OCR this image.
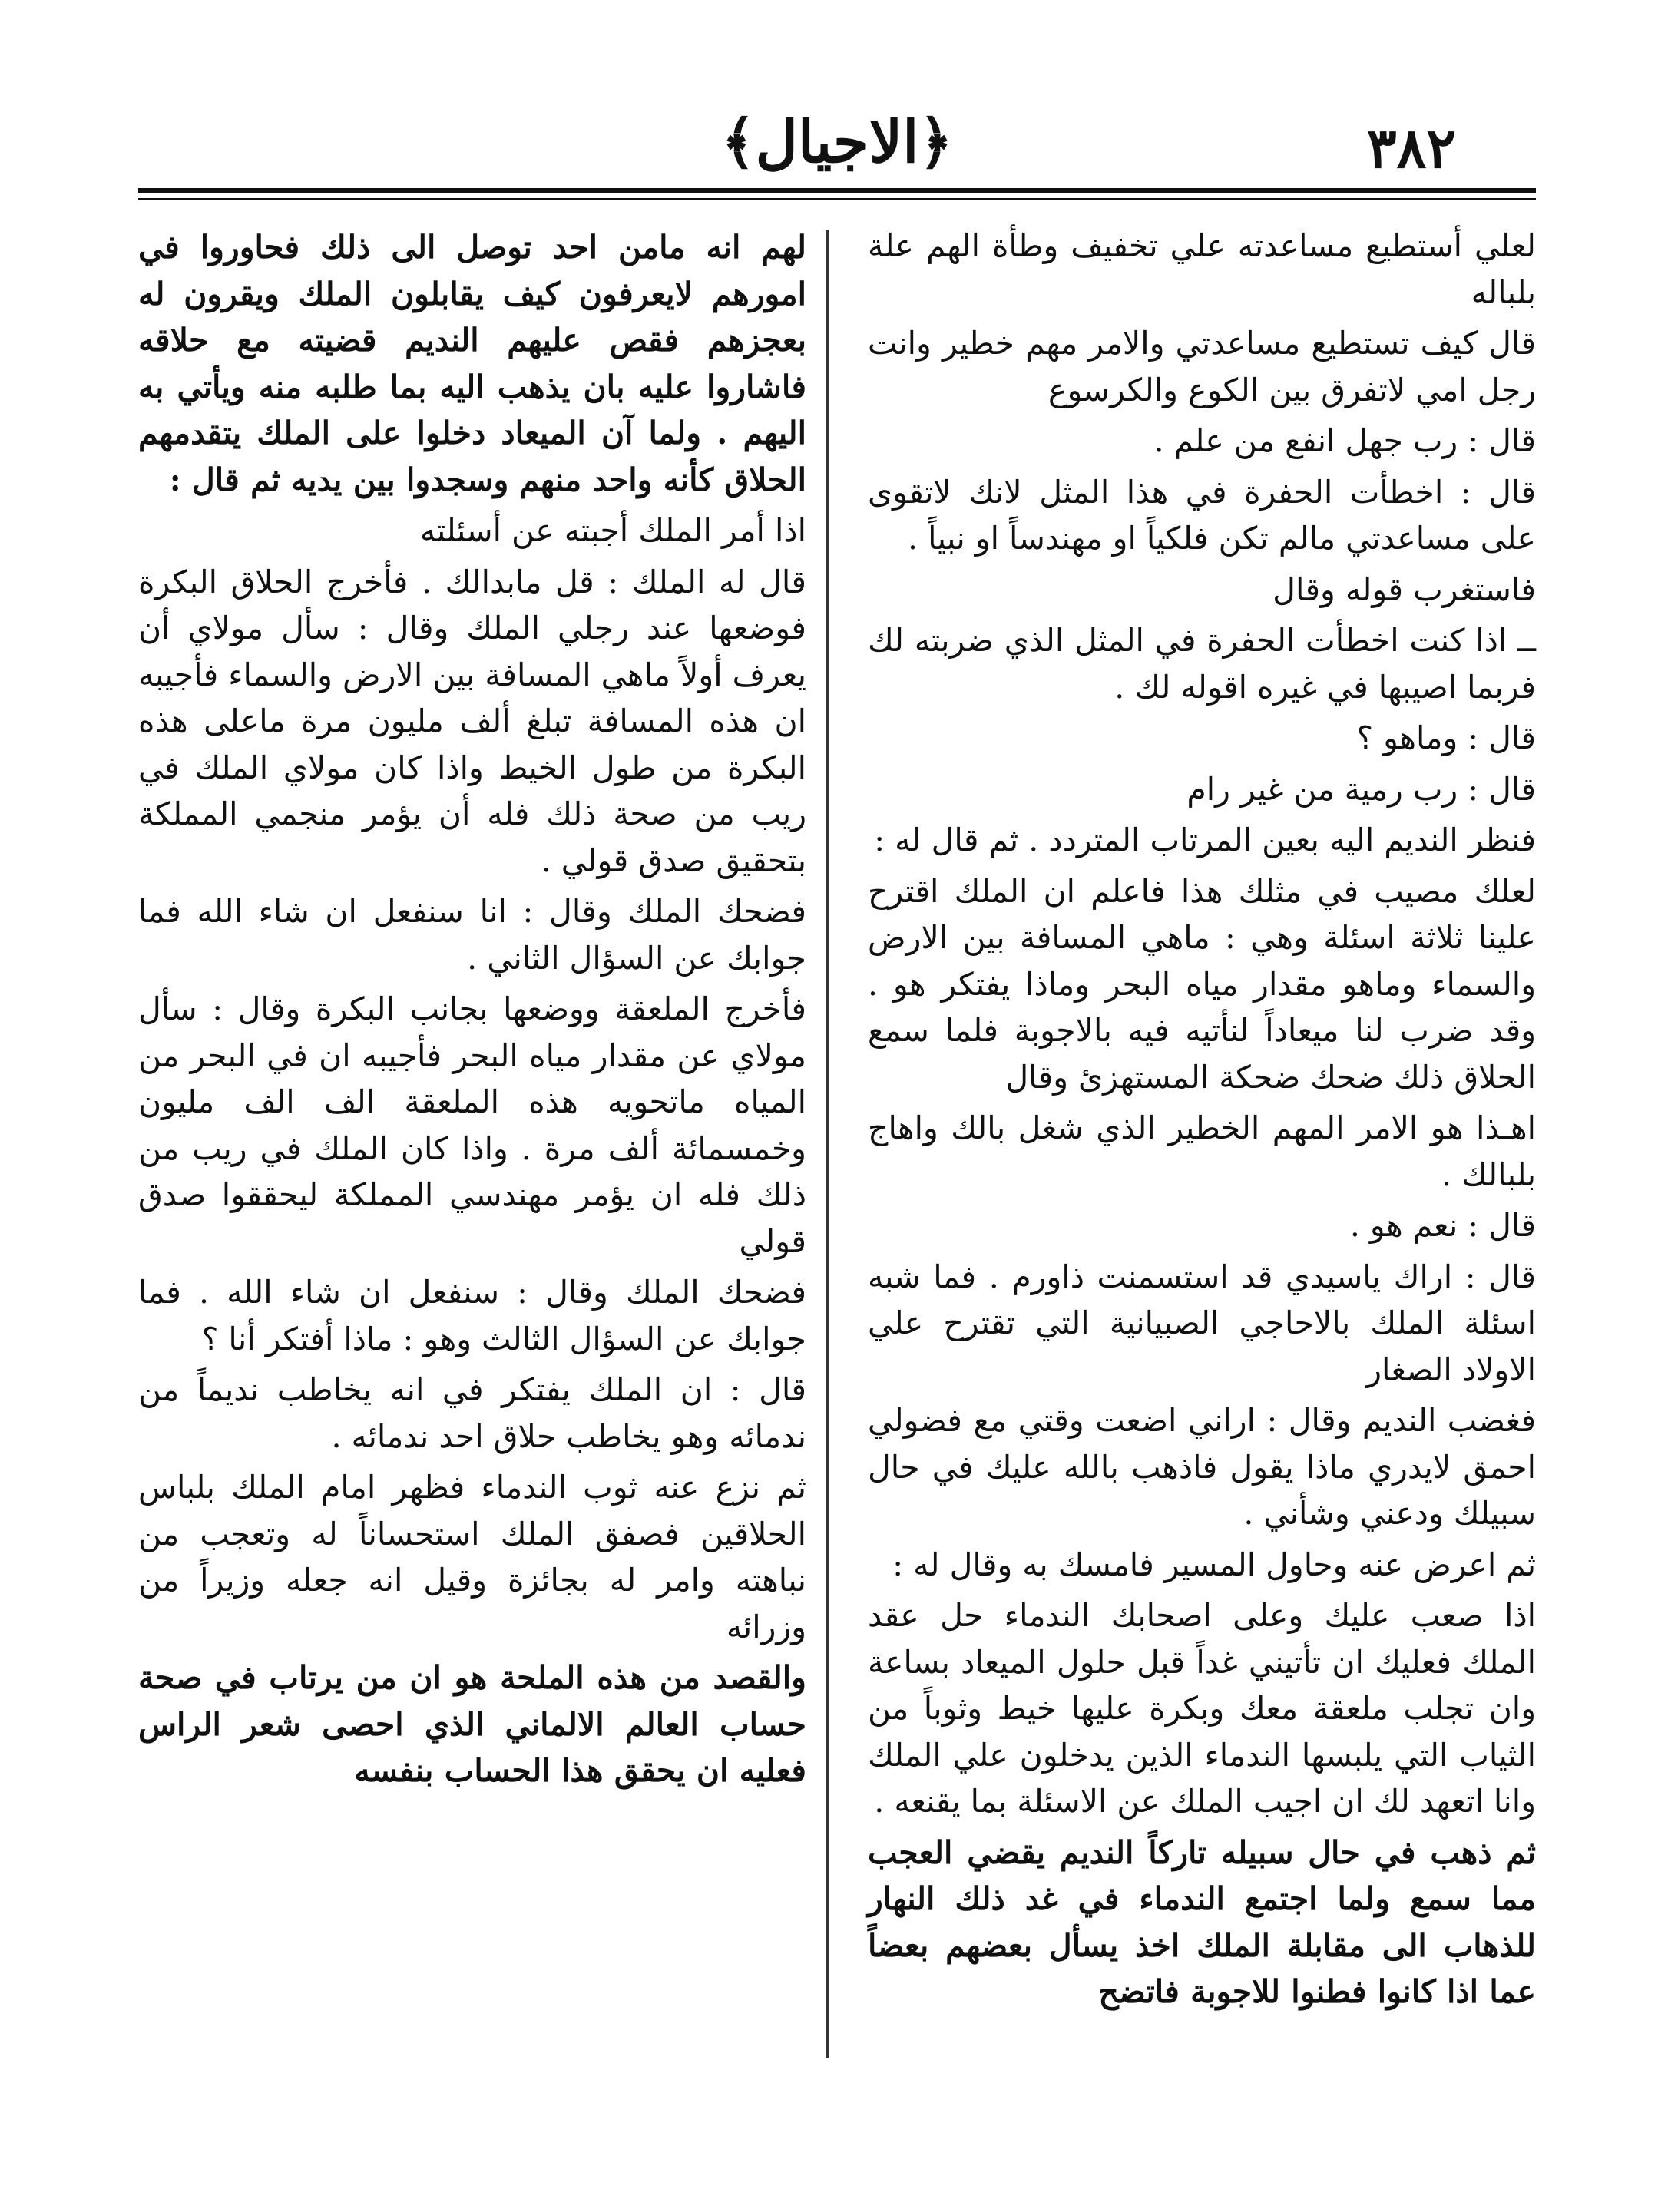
٣٨٢
﴿الاجيال﴾

لعلي أستطيع مساعدته علي تخفيف وطأة الهم علة بلباله

قال كيف تستطيع مساعدتي والامر مهم خطير وانت رجل امي لاتفرق بين الكوع والكرسوع

قال : رب جهل انفع من علم .

قال : اخطأت الحفرة في هذا المثل لانك لاتقوى على مساعدتي مالم تكن فلكياً او مهندساً او نبياً .

فاستغرب قوله وقال

ــ اذا كنت اخطأت الحفرة في المثل الذي ضربته لك فربما اصيبها في غيره اقوله لك .

قال : وماهو ؟

قال : رب رمية من غير رام

فنظر النديم اليه بعين المرتاب المتردد . ثم قال له :

لعلك مصيب في مثلك هذا فاعلم ان الملك اقترح علينا ثلاثة اسئلة وهي : ماهي المسافة بين الارض والسماء وماهو مقدار مياه البحر وماذا يفتكر هو . وقد ضرب لنا ميعاداً لنأتيه فيه بالاجوبة فلما سمع الحلاق ذلك ضحك ضحكة المستهزئ وقال

اهـذا هو الامر المهم الخطير الذي شغل بالك واهاج بلبالك .

قال : نعم هو .

قال : اراك ياسيدي قد استسمنت ذاورم . فما شبه اسئلة الملك بالاحاجي الصبيانية التي تقترح علي الاولاد الصغار

فغضب النديم وقال : اراني اضعت وقتي مع فضولي احمق لايدري ماذا يقول فاذهب بالله عليك في حال سبيلك ودعني وشأني .

ثم اعرض عنه وحاول المسير فامسك به وقال له :

اذا صعب عليك وعلى اصحابك الندماء حل عقد الملك فعليك ان تأتيني غداً قبل حلول الميعاد بساعة وان تجلب ملعقة معك وبكرة عليها خيط وثوباً من الثياب التي يلبسها الندماء الذين يدخلون علي الملك وانا اتعهد لك ان اجيب الملك عن الاسئلة بما يقنعه .

ثم ذهب في حال سبيله تاركاً النديم يقضي العجب مما سمع ولما اجتمع الندماء في غد ذلك النهار للذهاب الى مقابلة الملك اخذ يسأل بعضهم بعضاً عما اذا كانوا فطنوا للاجوبة فاتضح

لهم انه مامن احد توصل الى ذلك فحاوروا في امورهم لايعرفون كيف يقابلون الملك ويقرون له بعجزهم فقص عليهم النديم قضيته مع حلاقه فاشاروا عليه بان يذهب اليه بما طلبه منه ويأتي به اليهم . ولما آن الميعاد دخلوا على الملك يتقدمهم الحلاق كأنه واحد منهم وسجدوا بين يديه ثم قال :

اذا أمر الملك أجبته عن أسئلته

قال له الملك : قل مابدالك . فأخرج الحلاق البكرة فوضعها عند رجلي الملك وقال : سأل مولاي أن يعرف أولاً ماهي المسافة بين الارض والسماء فأجيبه ان هذه المسافة تبلغ ألف مليون مرة ماعلى هذه البكرة من طول الخيط واذا كان مولاي الملك في ريب من صحة ذلك فله أن يؤمر منجمي المملكة بتحقيق صدق قولي .

فضحك الملك وقال : انا سنفعل ان شاء الله فما جوابك عن السؤال الثاني .

فأخرج الملعقة ووضعها بجانب البكرة وقال : سأل مولاي عن مقدار مياه البحر فأجيبه ان في البحر من المياه ماتحويه هذه الملعقة الف الف مليون وخمسمائة ألف مرة . واذا كان الملك في ريب من ذلك فله ان يؤمر مهندسي المملكة ليحققوا صدق قولي

فضحك الملك وقال : سنفعل ان شاء الله . فما جوابك عن السؤال الثالث وهو : ماذا أفتكر أنا ؟

قال : ان الملك يفتكر في انه يخاطب نديماً من ندمائه وهو يخاطب حلاق احد ندمائه .

ثم نزع عنه ثوب الندماء فظهر امام الملك بلباس الحلاقين فصفق الملك استحساناً له وتعجب من نباهته وامر له بجائزة وقيل انه جعله وزيراً من وزرائه

والقصد من هذه الملحة هو ان من يرتاب في صحة حساب العالم الالماني الذي احصى شعر الراس فعليه ان يحقق هذا الحساب بنفسه
